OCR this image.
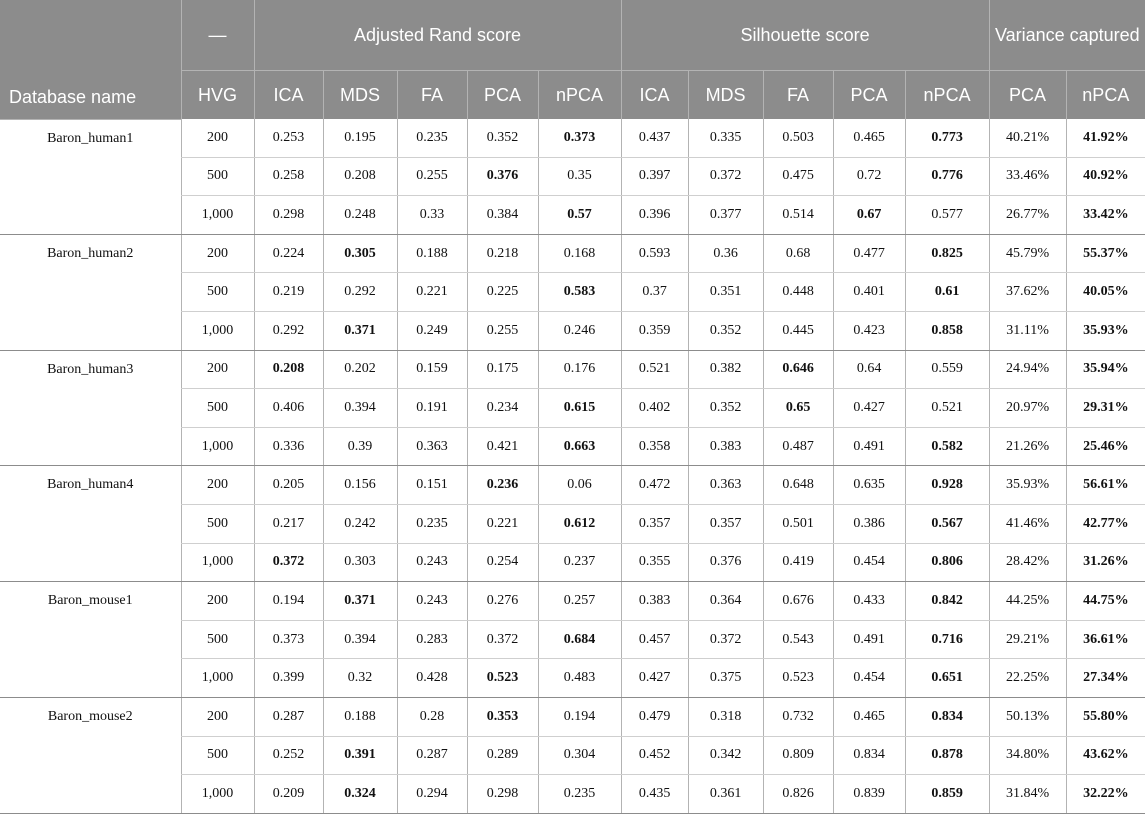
Database name	—	Adjusted Rand score					Silhouette score					Variance captured	
	HVG	ICA	MDS	FA	PCA	nPCA	ICA	MDS	FA	PCA	nPCA	PCA	nPCA
Baron_human1	200	0.253	0.195	0.235	0.352	0.373	0.437	0.335	0.503	0.465	0.773	40.21%	41.92%
	500	0.258	0.208	0.255	0.376	0.35	0.397	0.372	0.475	0.72	0.776	33.46%	40.92%
	1,000	0.298	0.248	0.33	0.384	0.57	0.396	0.377	0.514	0.67	0.577	26.77%	33.42%
Baron_human2	200	0.224	0.305	0.188	0.218	0.168	0.593	0.36	0.68	0.477	0.825	45.79%	55.37%
	500	0.219	0.292	0.221	0.225	0.583	0.37	0.351	0.448	0.401	0.61	37.62%	40.05%
	1,000	0.292	0.371	0.249	0.255	0.246	0.359	0.352	0.445	0.423	0.858	31.11%	35.93%
Baron_human3	200	0.208	0.202	0.159	0.175	0.176	0.521	0.382	0.646	0.64	0.559	24.94%	35.94%
	500	0.406	0.394	0.191	0.234	0.615	0.402	0.352	0.65	0.427	0.521	20.97%	29.31%
	1,000	0.336	0.39	0.363	0.421	0.663	0.358	0.383	0.487	0.491	0.582	21.26%	25.46%
Baron_human4	200	0.205	0.156	0.151	0.236	0.06	0.472	0.363	0.648	0.635	0.928	35.93%	56.61%
	500	0.217	0.242	0.235	0.221	0.612	0.357	0.357	0.501	0.386	0.567	41.46%	42.77%
	1,000	0.372	0.303	0.243	0.254	0.237	0.355	0.376	0.419	0.454	0.806	28.42%	31.26%
Baron_mouse1	200	0.194	0.371	0.243	0.276	0.257	0.383	0.364	0.676	0.433	0.842	44.25%	44.75%
	500	0.373	0.394	0.283	0.372	0.684	0.457	0.372	0.543	0.491	0.716	29.21%	36.61%
	1,000	0.399	0.32	0.428	0.523	0.483	0.427	0.375	0.523	0.454	0.651	22.25%	27.34%
Baron_mouse2	200	0.287	0.188	0.28	0.353	0.194	0.479	0.318	0.732	0.465	0.834	50.13%	55.80%
	500	0.252	0.391	0.287	0.289	0.304	0.452	0.342	0.809	0.834	0.878	34.80%	43.62%
	1,000	0.209	0.324	0.294	0.298	0.235	0.435	0.361	0.826	0.839	0.859	31.84%	32.22%
